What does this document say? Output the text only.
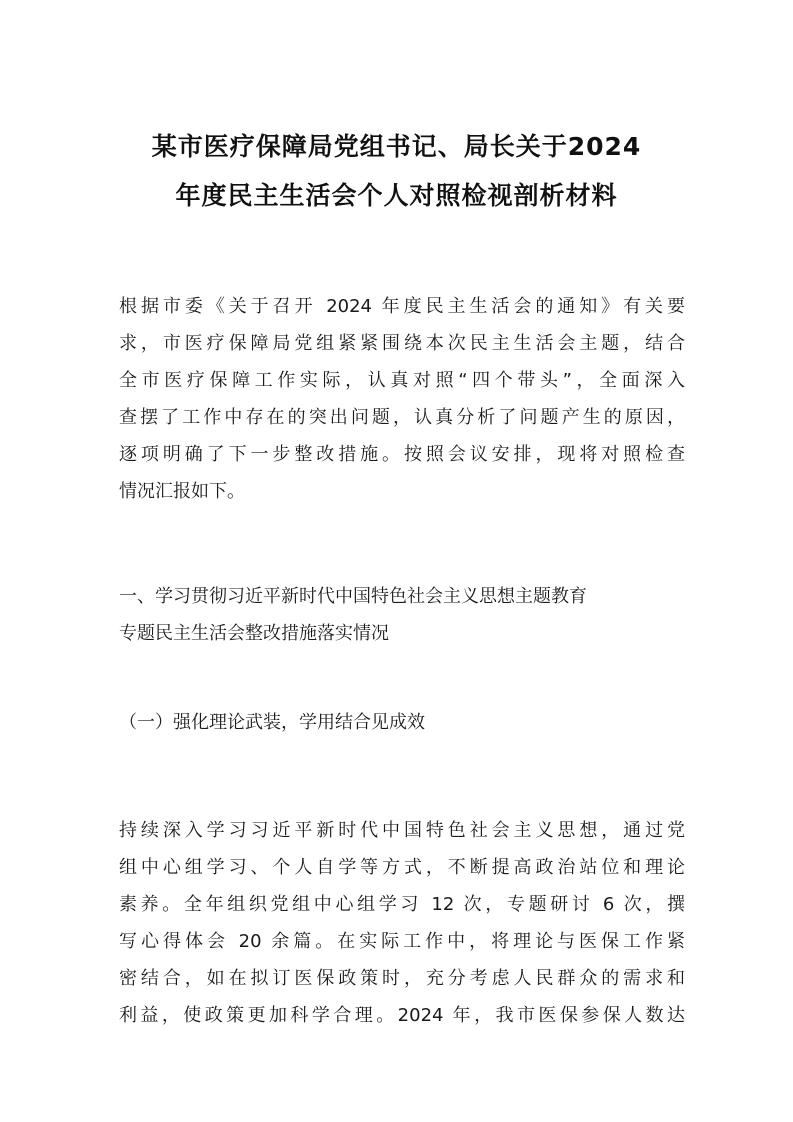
某市医疗保障局党组书记、局长关于2024
年度民主生活会个人对照检视剖析材料
根据市委《关于召开 2024 年度民主生活会的通知》有关要
求，市医疗保障局党组紧紧围绕本次民主生活会主题，结合
全市医疗保障工作实际，认真对照“四个带头”，全面深入
查摆了工作中存在的突出问题，认真分析了问题产生的原因，
逐项明确了下一步整改措施。按照会议安排，现将对照检查
情况汇报如下。
一、学习贯彻习近平新时代中国特色社会主义思想主题教育
专题民主生活会整改措施落实情况
（一）强化理论武装，学用结合见成效
持续深入学习习近平新时代中国特色社会主义思想，通过党
组中心组学习、个人自学等方式，不断提高政治站位和理论
素养。全年组织党组中心组学习 12 次，专题研讨 6 次，撰
写心得体会 20 余篇。在实际工作中，将理论与医保工作紧
密结合，如在拟订医保政策时，充分考虑人民群众的需求和
利益，使政策更加科学合理。2024 年，我市医保参保人数达
